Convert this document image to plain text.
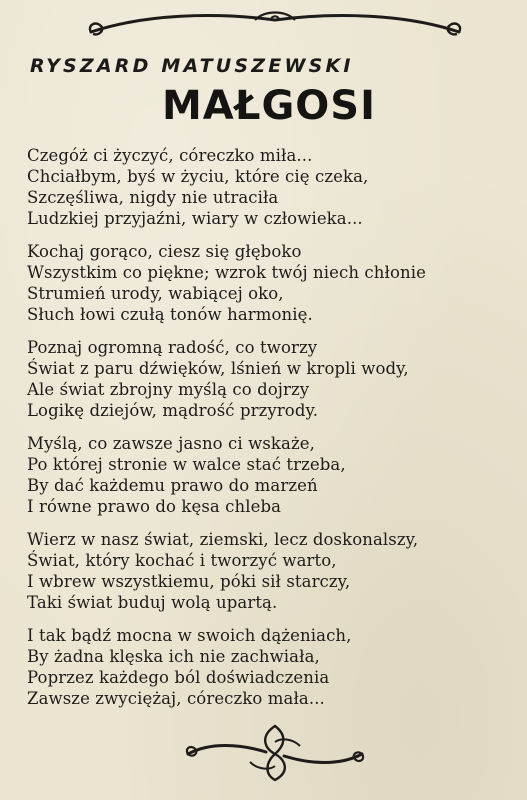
RYSZARD MATUSZEWSKI
MAŁGOSI
Czegóż ci życzyć, córeczko miła...
Chciałbym, byś w życiu, które cię czeka,
Szczęśliwa, nigdy nie utraciła
Ludzkiej przyjaźni, wiary w człowieka...
Kochaj gorąco, ciesz się głęboko
Wszystkim co piękne; wzrok twój niech chłonie
Strumień urody, wabiącej oko,
Słuch łowi czułą tonów harmonię.
Poznaj ogromną radość, co tworzy
Świat z paru dźwięków, lśnień w kropli wody,
Ale świat zbrojny myślą co dojrzy
Logikę dziejów, mądrość przyrody.
Myślą, co zawsze jasno ci wskaże,
Po której stronie w walce stać trzeba,
By dać każdemu prawo do marzeń
I równe prawo do kęsa chleba
Wierz w nasz świat, ziemski, lecz doskonalszy,
Świat, który kochać i tworzyć warto,
I wbrew wszystkiemu, póki sił starczy,
Taki świat buduj wolą upartą.
I tak bądź mocna w swoich dążeniach,
By żadna klęska ich nie zachwiała,
Poprzez każdego ból doświadczenia
Zawsze zwyciężaj, córeczko mała...
